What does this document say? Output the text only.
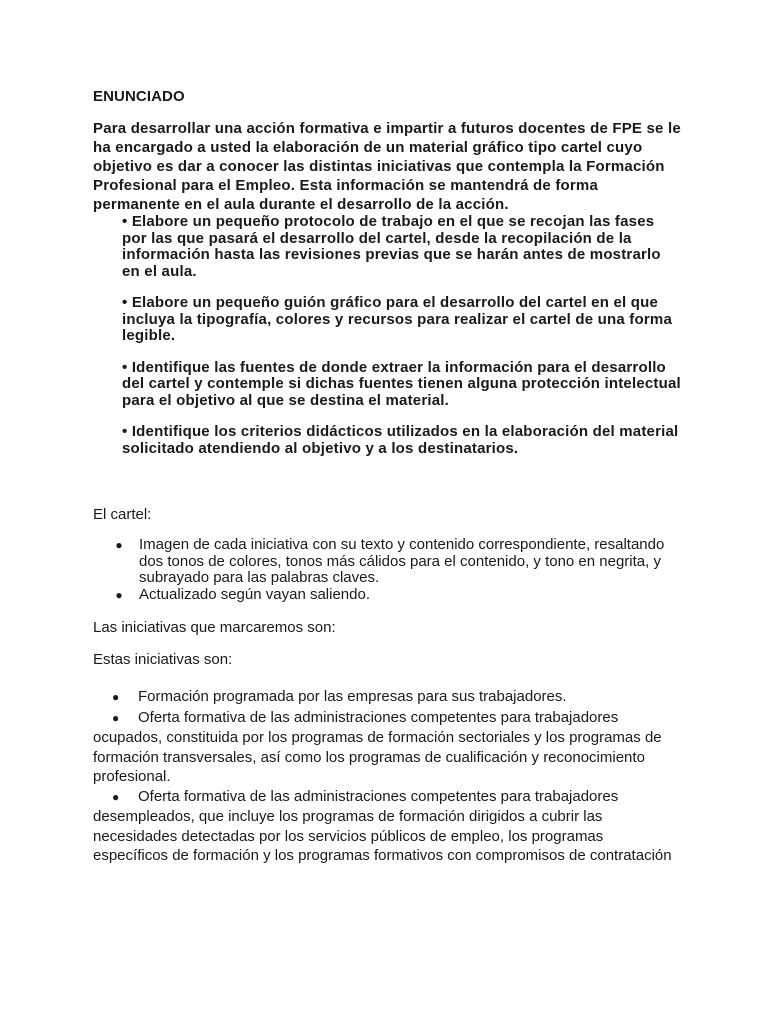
ENUNCIADO
Para desarrollar una acción formativa e impartir a futuros docentes de FPE se le ha encargado a usted la elaboración de un material gráfico tipo cartel cuyo objetivo es dar a conocer las distintas iniciativas que contempla la Formación Profesional para el Empleo. Esta información se mantendrá de forma permanente en el aula durante el desarrollo de la acción.
• Elabore un pequeño protocolo de trabajo en el que se recojan las fases por las que pasará el desarrollo del cartel, desde la recopilación de la información hasta las revisiones previas que se harán antes de mostrarlo en el aula.
• Elabore un pequeño guión gráfico para el desarrollo del cartel en el que incluya la tipografía, colores y recursos para realizar el cartel de una forma legible.
• Identifique las fuentes de donde extraer la información para el desarrollo del cartel y contemple si dichas fuentes tienen alguna protección intelectual para el objetivo al que se destina el material.
• Identifique los criterios didácticos utilizados en la elaboración del material solicitado atendiendo al objetivo y a los destinatarios.
El cartel:
● Imagen de cada iniciativa con su texto y contenido correspondiente, resaltando dos tonos de colores, tonos más cálidos para el contenido, y tono en negrita, y subrayado para las palabras claves.
● Actualizado según vayan saliendo.
Las iniciativas que marcaremos son:
Estas iniciativas son:
● Formación programada por las empresas para sus trabajadores.
● Oferta formativa de las administraciones competentes para trabajadores ocupados, constituida por los programas de formación sectoriales y los programas de formación transversales, así como los programas de cualificación y reconocimiento profesional.
● Oferta formativa de las administraciones competentes para trabajadores desempleados, que incluye los programas de formación dirigidos a cubrir las necesidades detectadas por los servicios públicos de empleo, los programas específicos de formación y los programas formativos con compromisos de contratación
